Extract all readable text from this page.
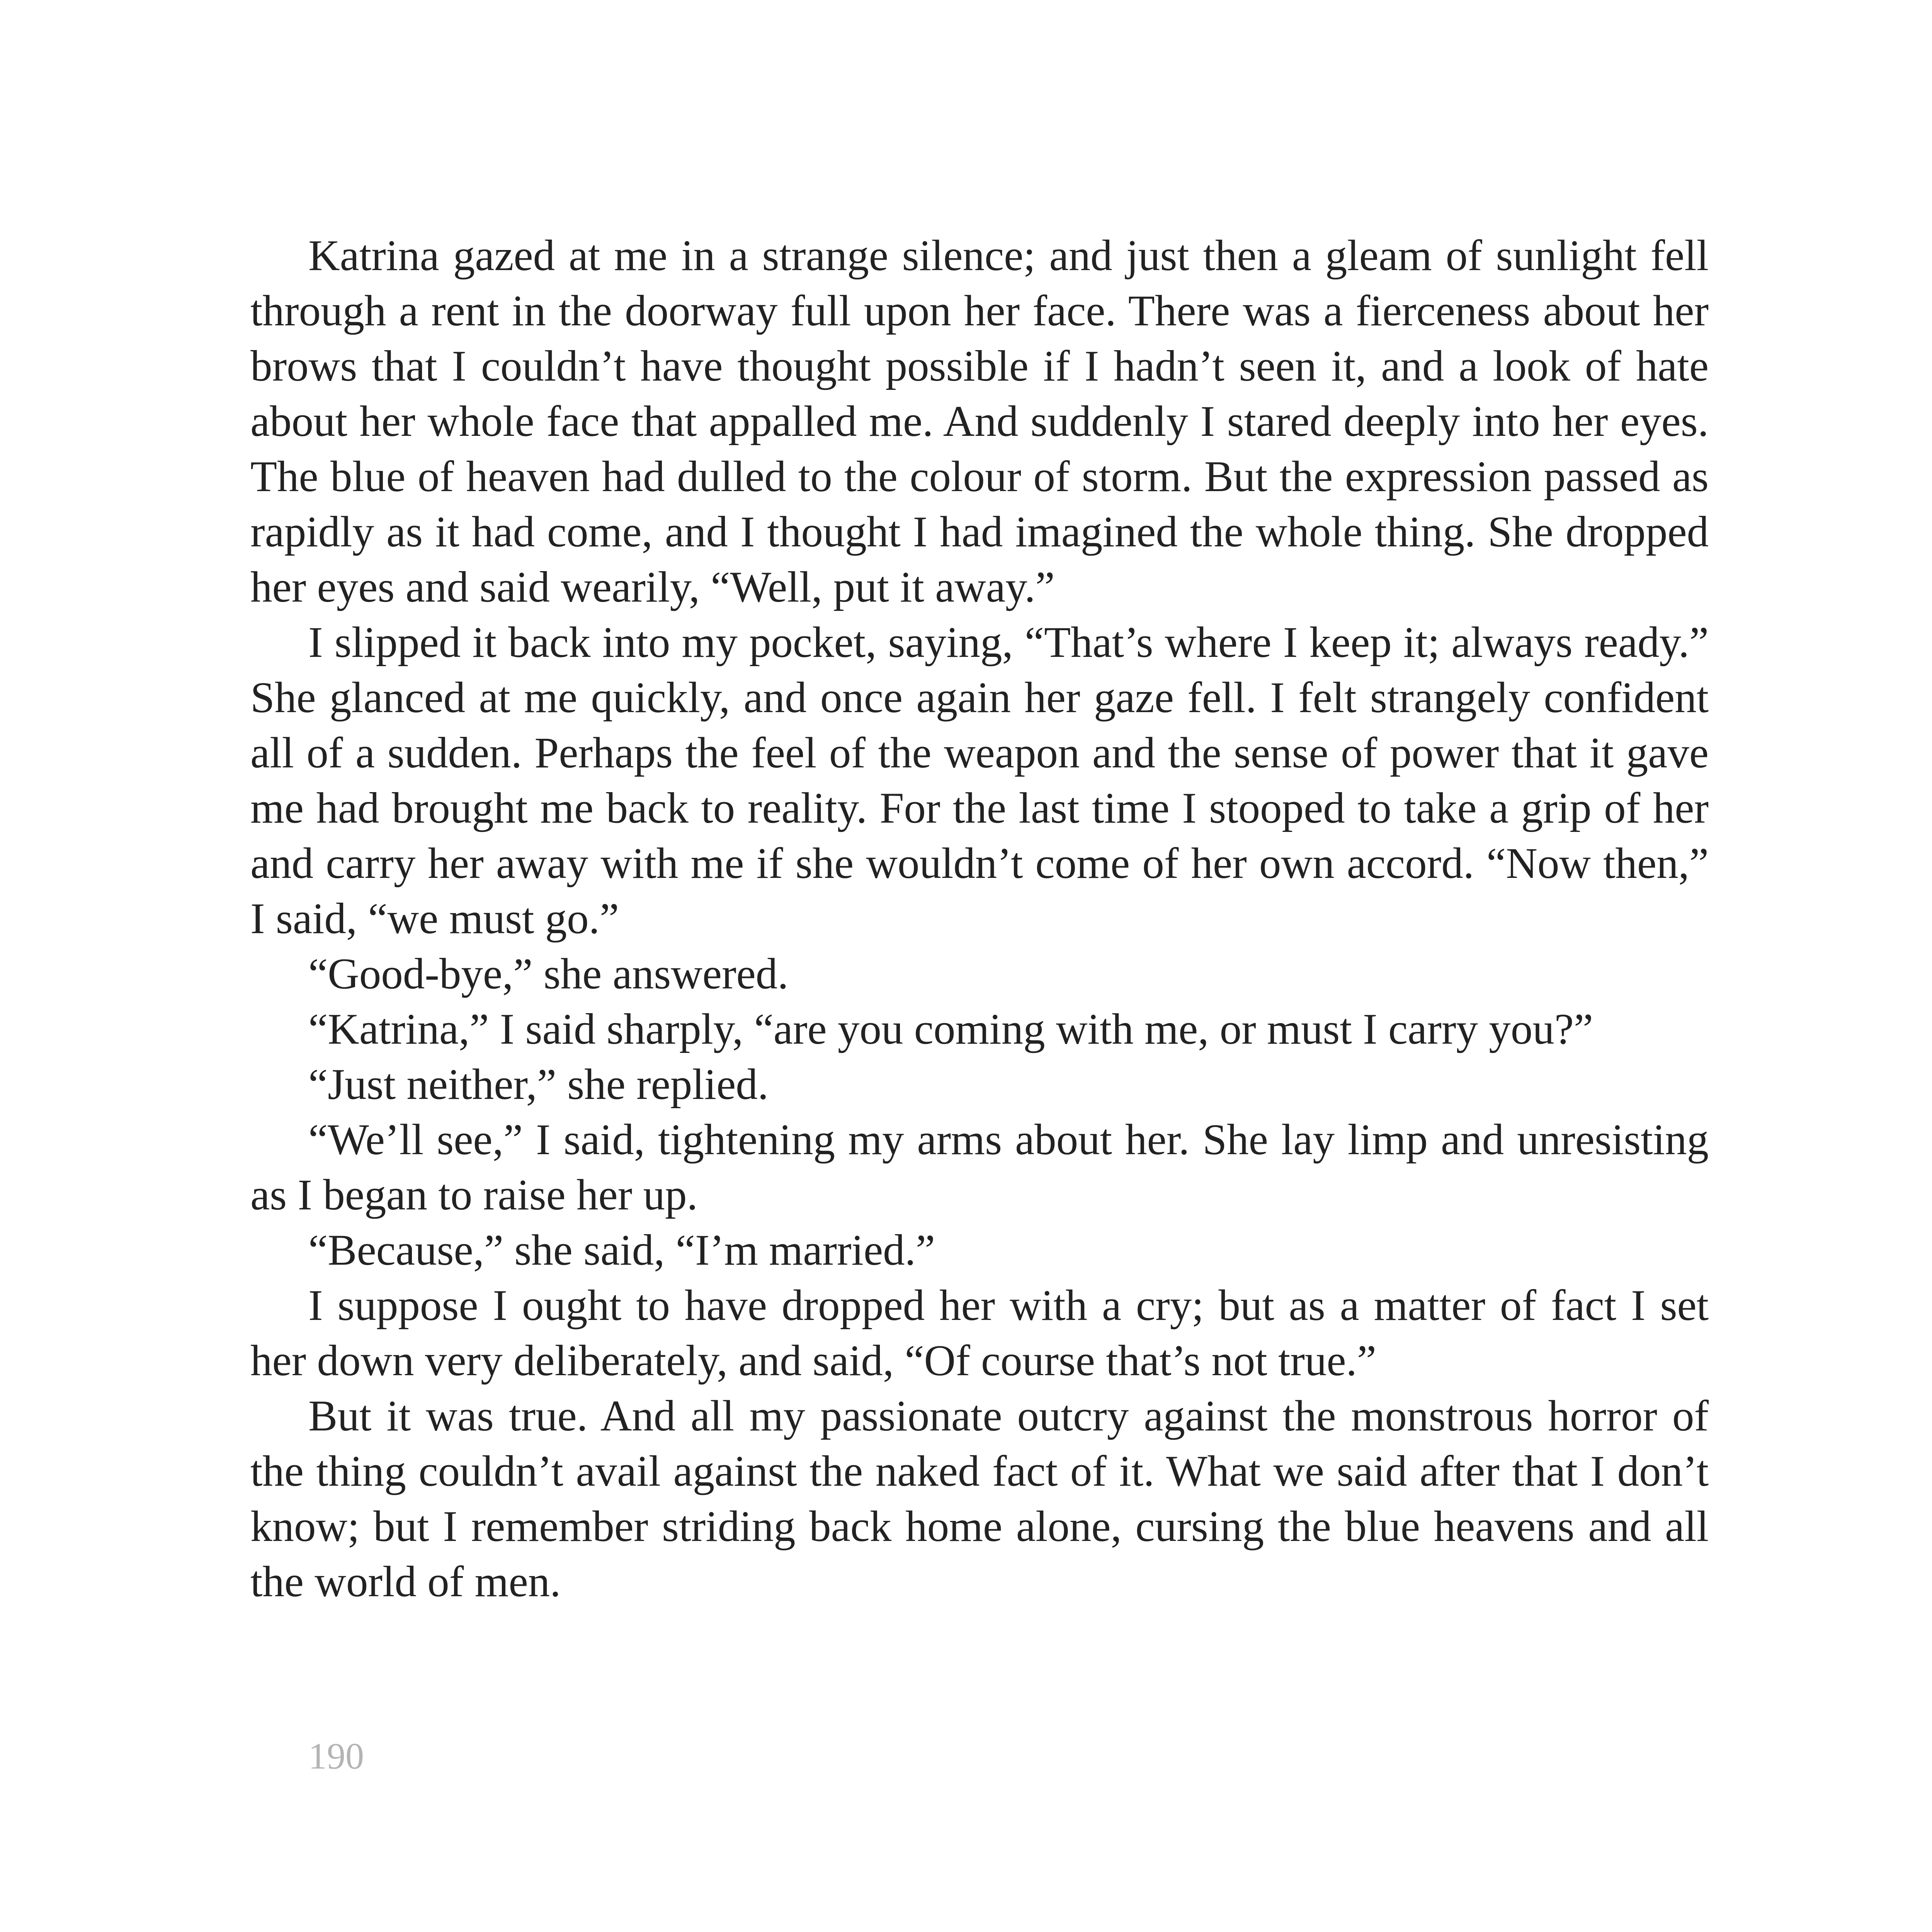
Katrina gazed at me in a strange silence; and just then a gleam of sunlight fell through a rent in the doorway full upon her face. There was a fierceness about her brows that I couldn’t have thought possible if I hadn’t seen it, and a look of hate about her whole face that appalled me. And suddenly I stared deeply into her eyes. The blue of heaven had dulled to the colour of storm. But the expression passed as rapidly as it had come, and I thought I had imagined the whole thing. She dropped her eyes and said wearily, “Well, put it away.”

I slipped it back into my pocket, saying, “That’s where I keep it; always ready.” She glanced at me quickly, and once again her gaze fell. I felt strangely confident all of a sudden. Perhaps the feel of the weapon and the sense of power that it gave me had brought me back to reality. For the last time I stooped to take a grip of her and carry her away with me if she wouldn’t come of her own accord. “Now then,” I said, “we must go.”

“Good-bye,” she answered.

“Katrina,” I said sharply, “are you coming with me, or must I carry you?”

“Just neither,” she replied.

“We’ll see,” I said, tightening my arms about her. She lay limp and unresisting as I began to raise her up.

“Because,” she said, “I’m married.”

I suppose I ought to have dropped her with a cry; but as a matter of fact I set her down very deliberately, and said, “Of course that’s not true.”

But it was true. And all my passionate outcry against the monstrous horror of the thing couldn’t avail against the naked fact of it. What we said after that I don’t know; but I remember striding back home alone, cursing the blue heavens and all the world of men.

190
